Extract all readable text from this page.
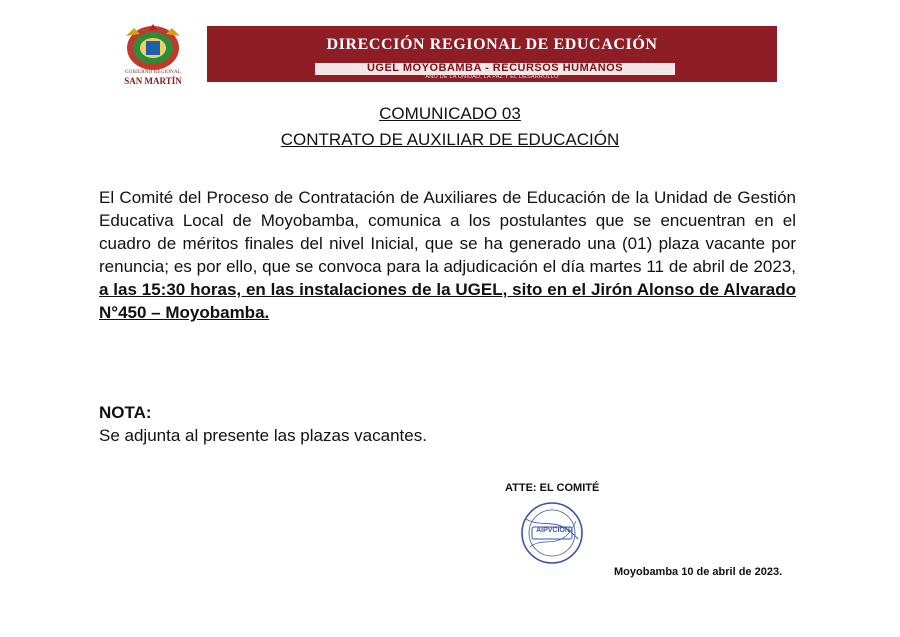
GOBIERNO REGIONAL
SAN MARTÍN
DIRECCIÓN REGIONAL DE EDUCACIÓN
UGEL MOYOBAMBA - RECURSOS HUMANOS
"AÑO DE LA UNIDAD, LA PAZ Y EL DESARROLLO"
COMUNICADO 03
CONTRATO DE AUXILIAR DE EDUCACIÓN
El Comité del Proceso de Contratación de Auxiliares de Educación de la Unidad de Gestión Educativa Local de Moyobamba, comunica a los postulantes que se encuentran en el cuadro de méritos finales del nivel Inicial, que se ha generado una (01) plaza vacante por renuncia; es por ello, que se convoca para la adjudicación el día martes 11 de abril de 2023, a las 15:30 horas, en las instalaciones de la UGEL, sito en el Jirón Alonso de Alvarado N°450 – Moyobamba.
NOTA:
Se adjunta al presente las plazas vacantes.
ATTE: EL COMITÉ
AIPVCION
Moyobamba 10 de abril de 2023.
